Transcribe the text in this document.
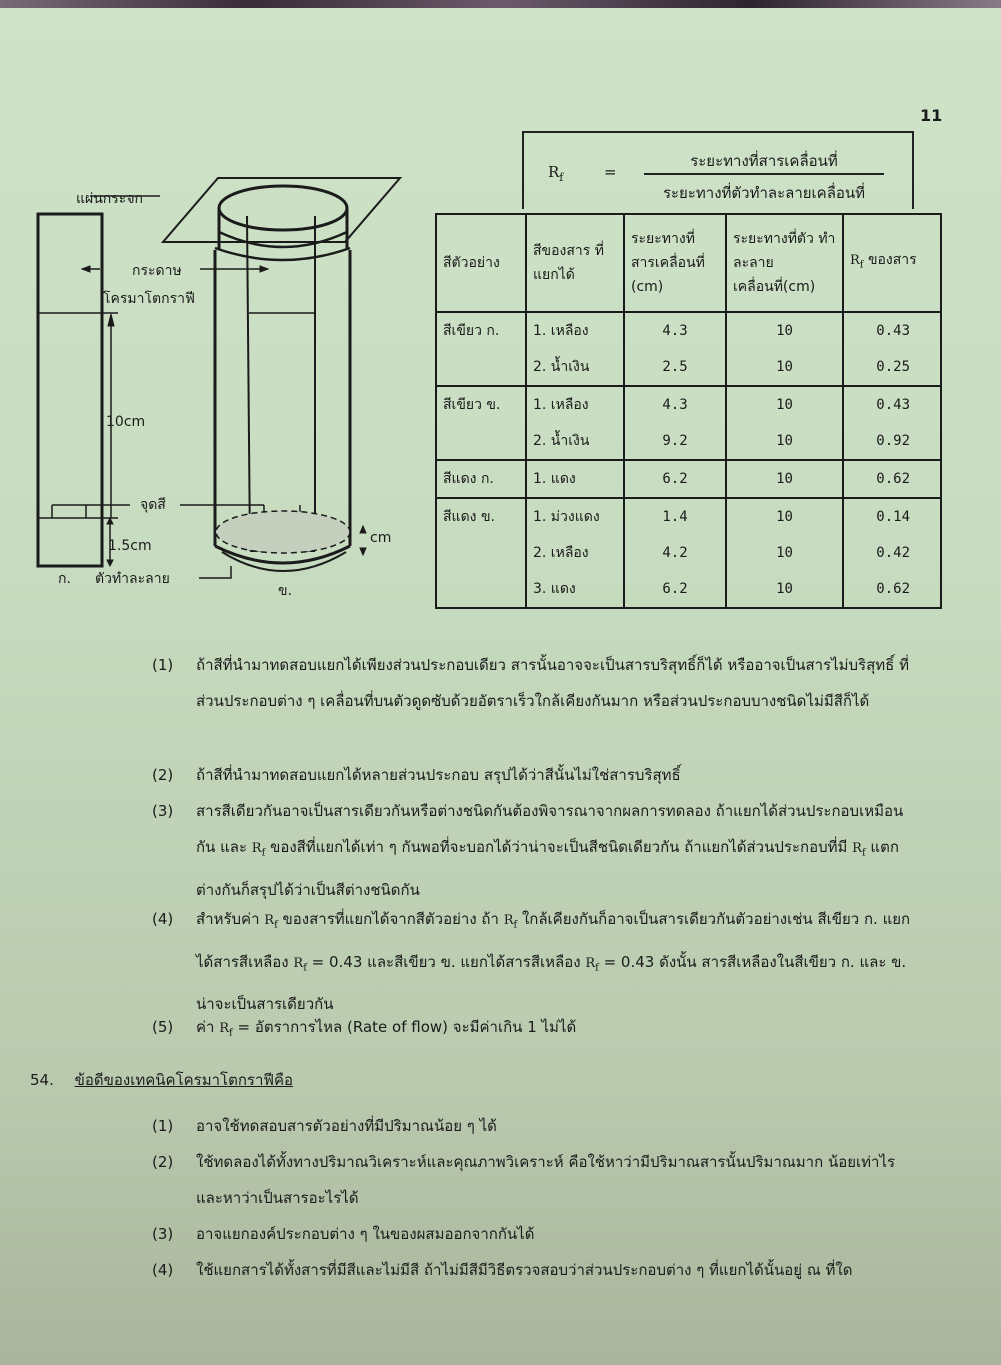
11
$R_f$	=
ระยะทางที่สารเคลื่อนที่
ระยะทางที่ตัวทำละลายเคลื่อนที่
แผ่นกระจก
กระดาษ
โครมาโตกราฟี
10cm
จุดสี
1.5cm	cm
ตัวทำละลาย
ก.
ข.
สีตัวอย่าง	สีของสาร ที่แยกได้	ระยะทางที่ สารเคลื่อนที่ (cm)	ระยะทางที่ตัว ทำละลาย เคลื่อนที่(cm)	$R_f$ ของสาร
สีเขียว ก.	1. เหลือง	4.3	10	0.43
	2. น้ำเงิน	2.5	10	0.25
สีเขียว ข.	1. เหลือง	4.3	10	0.43
	2. น้ำเงิน	9.2	10	0.92
สีแดง ก.	1. แดง	6.2	10	0.62
สีแดง ข.	1. ม่วงแดง	1.4	10	0.14
	2. เหลือง	4.2	10	0.42
	3. แดง	6.2	10	0.62
(1) ถ้าสีที่นำมาทดสอบแยกได้เพียงส่วนประกอบเดียว สารนั้นอาจจะเป็นสารบริสุทธิ์ก็ได้ หรืออาจเป็นสารไม่บริสุทธิ์ ที่ส่วนประกอบต่าง ๆ เคลื่อนที่บนตัวดูดซับด้วยอัตราเร็วใกล้เคียงกันมาก หรือส่วนประกอบบางชนิดไม่มีสีก็ได้
(2) ถ้าสีที่นำมาทดสอบแยกได้หลายส่วนประกอบ สรุปได้ว่าสีนั้นไม่ใช่สารบริสุทธิ์
(3) สารสีเดียวกันอาจเป็นสารเดียวกันหรือต่างชนิดกันต้องพิจารณาจากผลการทดลอง ถ้าแยกได้ส่วนประกอบเหมือนกัน และ $R_f$ ของสีที่แยกได้เท่า ๆ กันพอที่จะบอกได้ว่าน่าจะเป็นสีชนิดเดียวกัน ถ้าแยกได้ส่วนประกอบที่มี $R_f$ แตกต่างกันก็สรุปได้ว่าเป็นสีต่างชนิดกัน
(4) สำหรับค่า $R_f$ ของสารที่แยกได้จากสีตัวอย่าง ถ้า $R_f$ ใกล้เคียงกันก็อาจเป็นสารเดียวกันตัวอย่างเช่น สีเขียว ก. แยกได้สารสีเหลือง $R_f = 0.43$ และสีเขียว ข. แยกได้สารสีเหลือง $R_f = 0.43$ ดังนั้น สารสีเหลืองในสีเขียว ก. และ ข. น่าจะเป็นสารเดียวกัน
(5) ค่า $R_f$ = อัตราการไหล (Rate of flow) จะมีค่าเกิน 1 ไม่ได้
54. ข้อดีของเทคนิคโครมาโตกราฟีคือ
(1) อาจใช้ทดสอบสารตัวอย่างที่มีปริมาณน้อย ๆ ได้
(2) ใช้ทดลองได้ทั้งทางปริมาณวิเคราะห์และคุณภาพวิเคราะห์ คือใช้หาว่ามีปริมาณสารนั้นปริมาณมาก น้อยเท่าไร และหาว่าเป็นสารอะไรได้
(3) อาจแยกองค์ประกอบต่าง ๆ ในของผสมออกจากกันได้
(4) ใช้แยกสารได้ทั้งสารที่มีสีและไม่มีสี ถ้าไม่มีสีมีวิธีตรวจสอบว่าส่วนประกอบต่าง ๆ ที่แยกได้นั้นอยู่ ณ ที่ใด
